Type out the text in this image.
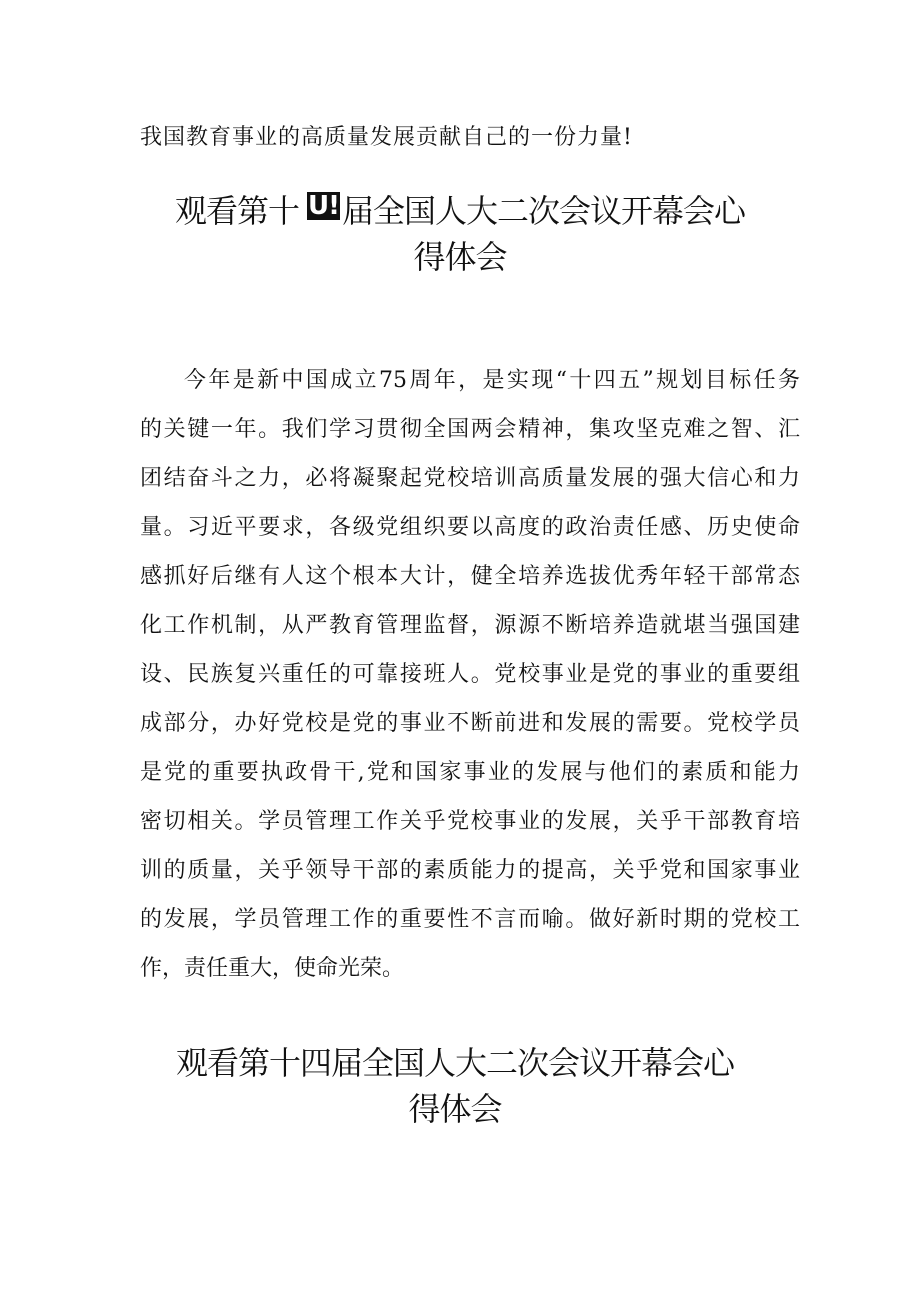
我国教育事业的高质量发展贡献自己的一份力量!
观看第十 U!届全国人大二次会议开幕会心
得体会
今年是新中国成立75周年，是实现“十四五”规划目标任务
的关键一年。我们学习贯彻全国两会精神，集攻坚克难之智、汇
团结奋斗之力，必将凝聚起党校培训高质量发展的强大信心和力
量。习近平要求，各级党组织要以高度的政治责任感、历史使命
感抓好后继有人这个根本大计，健全培养选拔优秀年轻干部常态
化工作机制，从严教育管理监督，源源不断培养造就堪当强国建
设、民族复兴重任的可靠接班人。党校事业是党的事业的重要组
成部分，办好党校是党的事业不断前进和发展的需要。党校学员
是党的重要执政骨干,党和国家事业的发展与他们的素质和能力
密切相关。学员管理工作关乎党校事业的发展，关乎干部教育培
训的质量，关乎领导干部的素质能力的提高，关乎党和国家事业
的发展，学员管理工作的重要性不言而喻。做好新时期的党校工
作，责任重大，使命光荣。
观看第十四届全国人大二次会议开幕会心
得体会
